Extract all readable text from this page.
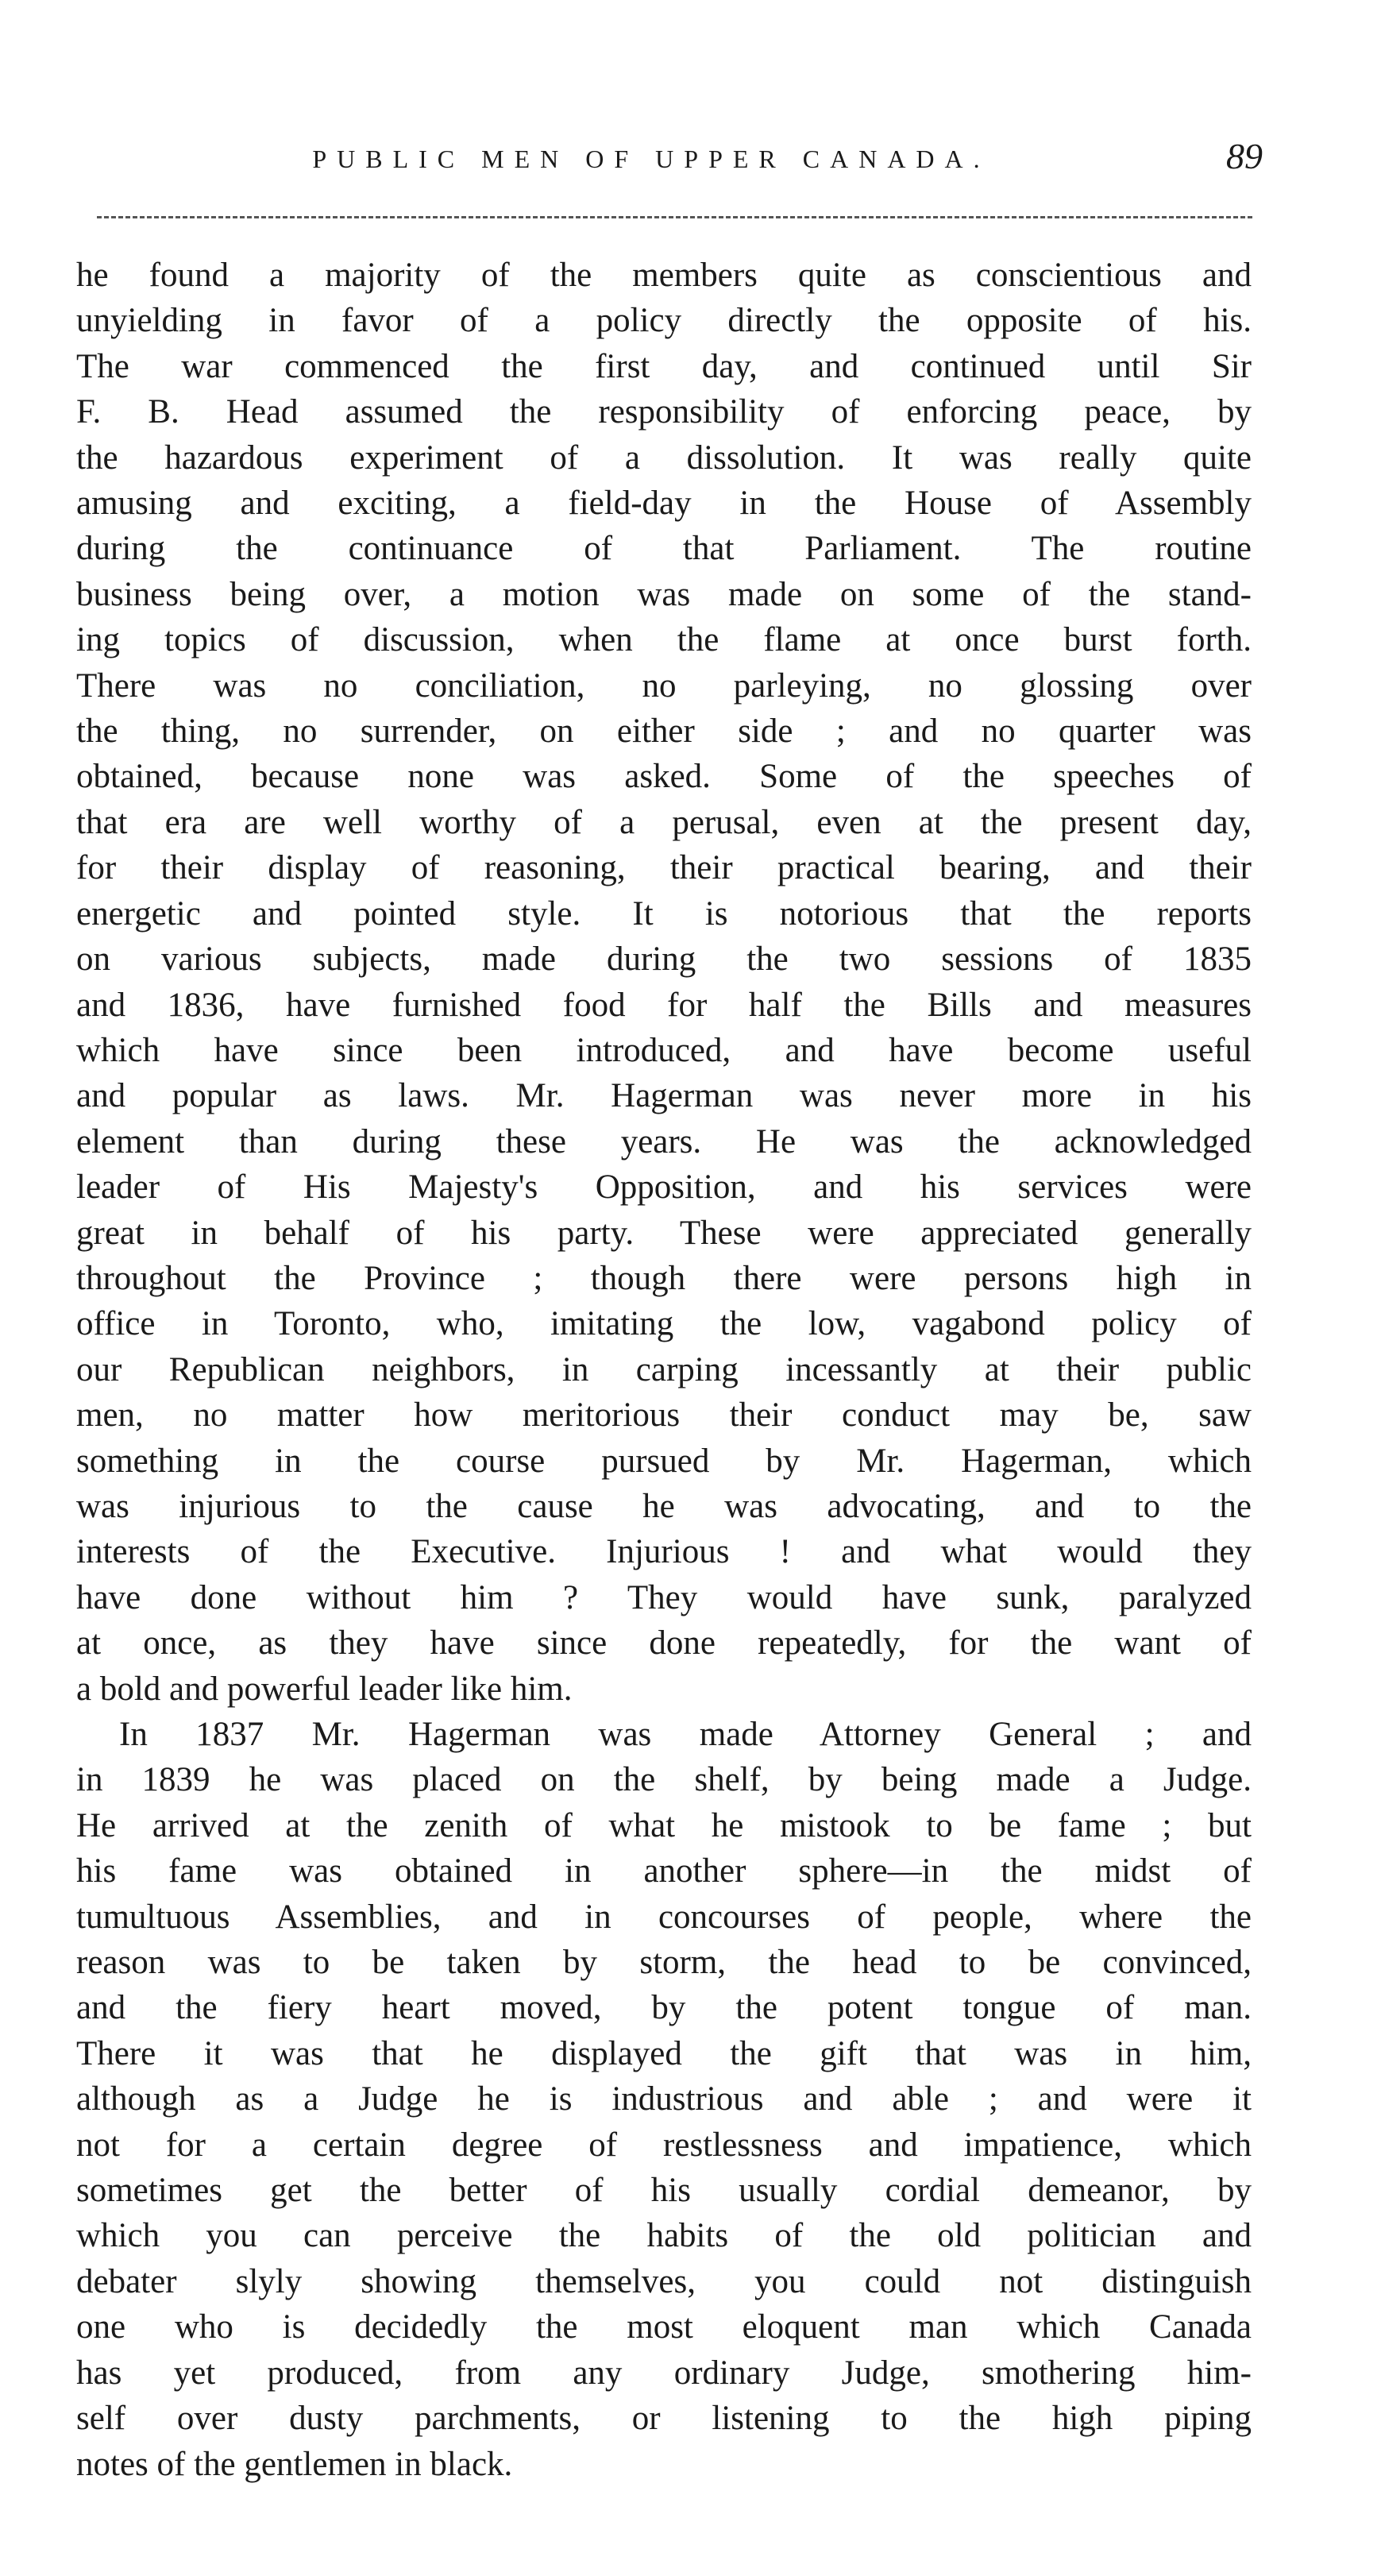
PUBLIC MEN OF UPPER CANADA.	89
he found a majority of the members quite as conscientious and
unyielding in favor of a policy directly the opposite of his.
The war commenced the first day, and continued until Sir
F. B. Head assumed the responsibility of enforcing peace, by
the hazardous experiment of a dissolution. It was really quite
amusing and exciting, a field-day in the House of Assembly
during the continuance of that Parliament. The routine
business being over, a motion was made on some of the stand-
ing topics of discussion, when the flame at once burst forth.
There was no conciliation, no parleying, no glossing over
the thing, no surrender, on either side ; and no quarter was
obtained, because none was asked. Some of the speeches of
that era are well worthy of a perusal, even at the present day,
for their display of reasoning, their practical bearing, and their
energetic and pointed style. It is notorious that the reports
on various subjects, made during the two sessions of 1835
and 1836, have furnished food for half the Bills and measures
which have since been introduced, and have become useful
and popular as laws. Mr. Hagerman was never more in his
element than during these years. He was the acknowledged
leader of His Majesty's Opposition, and his services were
great in behalf of his party. These were appreciated generally
throughout the Province ; though there were persons high in
office in Toronto, who, imitating the low, vagabond policy of
our Republican neighbors, in carping incessantly at their public
men, no matter how meritorious their conduct may be, saw
something in the course pursued by Mr. Hagerman, which
was injurious to the cause he was advocating, and to the
interests of the Executive. Injurious ! and what would they
have done without him ? They would have sunk, paralyzed
at once, as they have since done repeatedly, for the want of
a bold and powerful leader like him.
In 1837 Mr. Hagerman was made Attorney General ; and
in 1839 he was placed on the shelf, by being made a Judge.
He arrived at the zenith of what he mistook to be fame ; but
his fame was obtained in another sphere—in the midst of
tumultuous Assemblies, and in concourses of people, where the
reason was to be taken by storm, the head to be convinced,
and the fiery heart moved, by the potent tongue of man.
There it was that he displayed the gift that was in him,
although as a Judge he is industrious and able ; and were it
not for a certain degree of restlessness and impatience, which
sometimes get the better of his usually cordial demeanor, by
which you can perceive the habits of the old politician and
debater slyly showing themselves, you could not distinguish
one who is decidedly the most eloquent man which Canada
has yet produced, from any ordinary Judge, smothering him-
self over dusty parchments, or listening to the high piping
notes of the gentlemen in black.
